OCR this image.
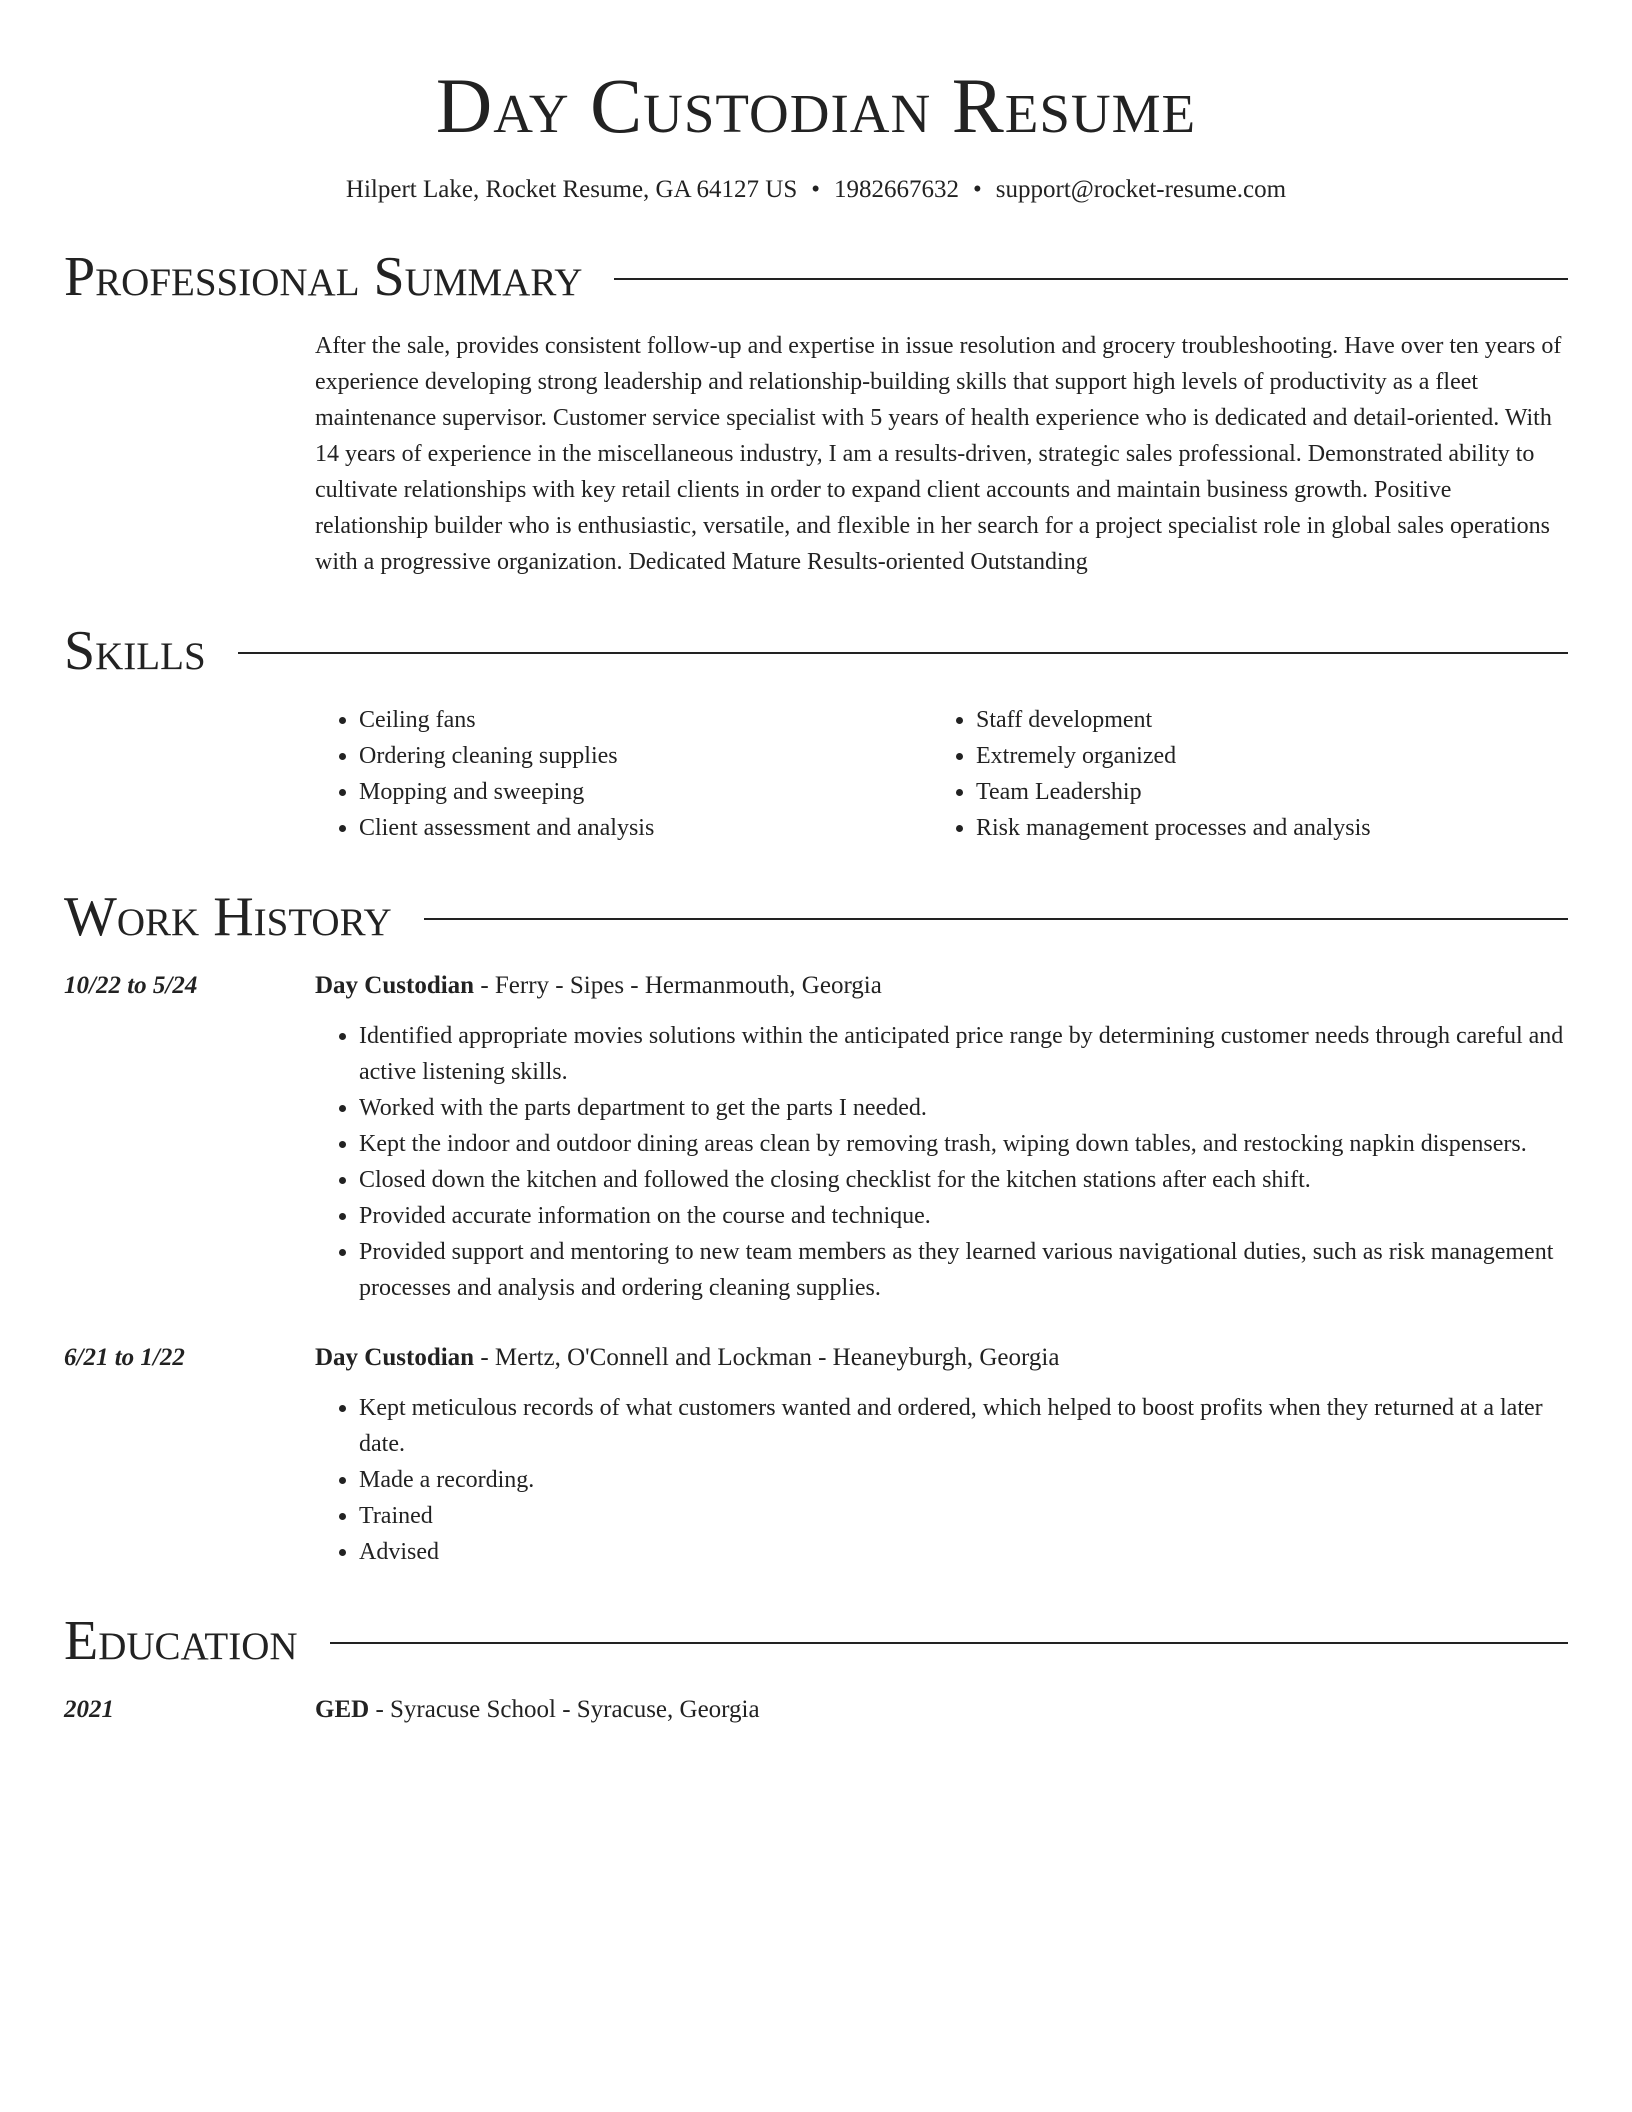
Day Custodian Resume
Hilpert Lake, Rocket Resume, GA 64127 US • 1982667632 • support@rocket-resume.com
Professional Summary
After the sale, provides consistent follow-up and expertise in issue resolution and grocery troubleshooting. Have over ten years of experience developing strong leadership and relationship-building skills that support high levels of productivity as a fleet maintenance supervisor. Customer service specialist with 5 years of health experience who is dedicated and detail-oriented. With 14 years of experience in the miscellaneous industry, I am a results-driven, strategic sales professional. Demonstrated ability to cultivate relationships with key retail clients in order to expand client accounts and maintain business growth. Positive relationship builder who is enthusiastic, versatile, and flexible in her search for a project specialist role in global sales operations with a progressive organization. Dedicated Mature Results-oriented Outstanding
Skills
• Ceiling fans
• Ordering cleaning supplies
• Mopping and sweeping
• Client assessment and analysis
• Staff development
• Extremely organized
• Team Leadership
• Risk management processes and analysis
Work History
10/22 to 5/24	Day Custodian - Ferry - Sipes - Hermanmouth, Georgia
• Identified appropriate movies solutions within the anticipated price range by determining customer needs through careful and active listening skills.
• Worked with the parts department to get the parts I needed.
• Kept the indoor and outdoor dining areas clean by removing trash, wiping down tables, and restocking napkin dispensers.
• Closed down the kitchen and followed the closing checklist for the kitchen stations after each shift.
• Provided accurate information on the course and technique.
• Provided support and mentoring to new team members as they learned various navigational duties, such as risk management processes and analysis and ordering cleaning supplies.
6/21 to 1/22	Day Custodian - Mertz, O'Connell and Lockman - Heaneyburgh, Georgia
• Kept meticulous records of what customers wanted and ordered, which helped to boost profits when they returned at a later date.
• Made a recording.
• Trained
• Advised
Education
2021	GED - Syracuse School - Syracuse, Georgia
